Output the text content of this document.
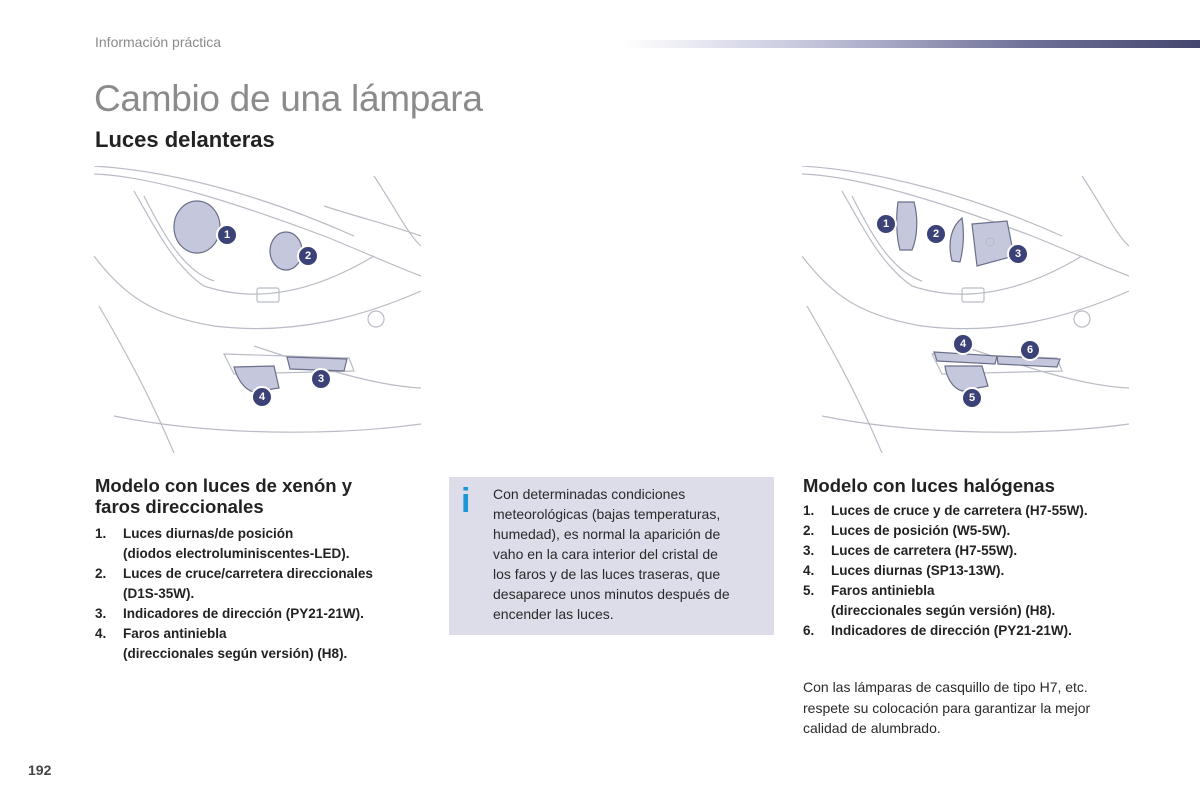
Información práctica
Cambio de una lámpara
Luces delanteras
1
2
3
4
1
2
3
4
5
6
Modelo con luces de xenón y
faros direccionales
1. Luces diurnas/de posición
(diodos electroluminiscentes-LED).
2. Luces de cruce/carretera direccionales
(D1S-35W).
3. Indicadores de dirección (PY21-21W).
4. Faros antiniebla
(direccionales según versión) (H8).
i Con determinadas condiciones
meteorológicas (bajas temperaturas,
humedad), es normal la aparición de
vaho en la cara interior del cristal de
los faros y de las luces traseras, que
desaparece unos minutos después de
encender las luces.
Modelo con luces halógenas
1. Luces de cruce y de carretera (H7-55W).
2. Luces de posición (W5-5W).
3. Luces de carretera (H7-55W).
4. Luces diurnas (SP13-13W).
5. Faros antiniebla
(direccionales según versión) (H8).
6. Indicadores de dirección (PY21-21W).
Con las lámparas de casquillo de tipo H7, etc.
respete su colocación para garantizar la mejor
calidad de alumbrado.
192
